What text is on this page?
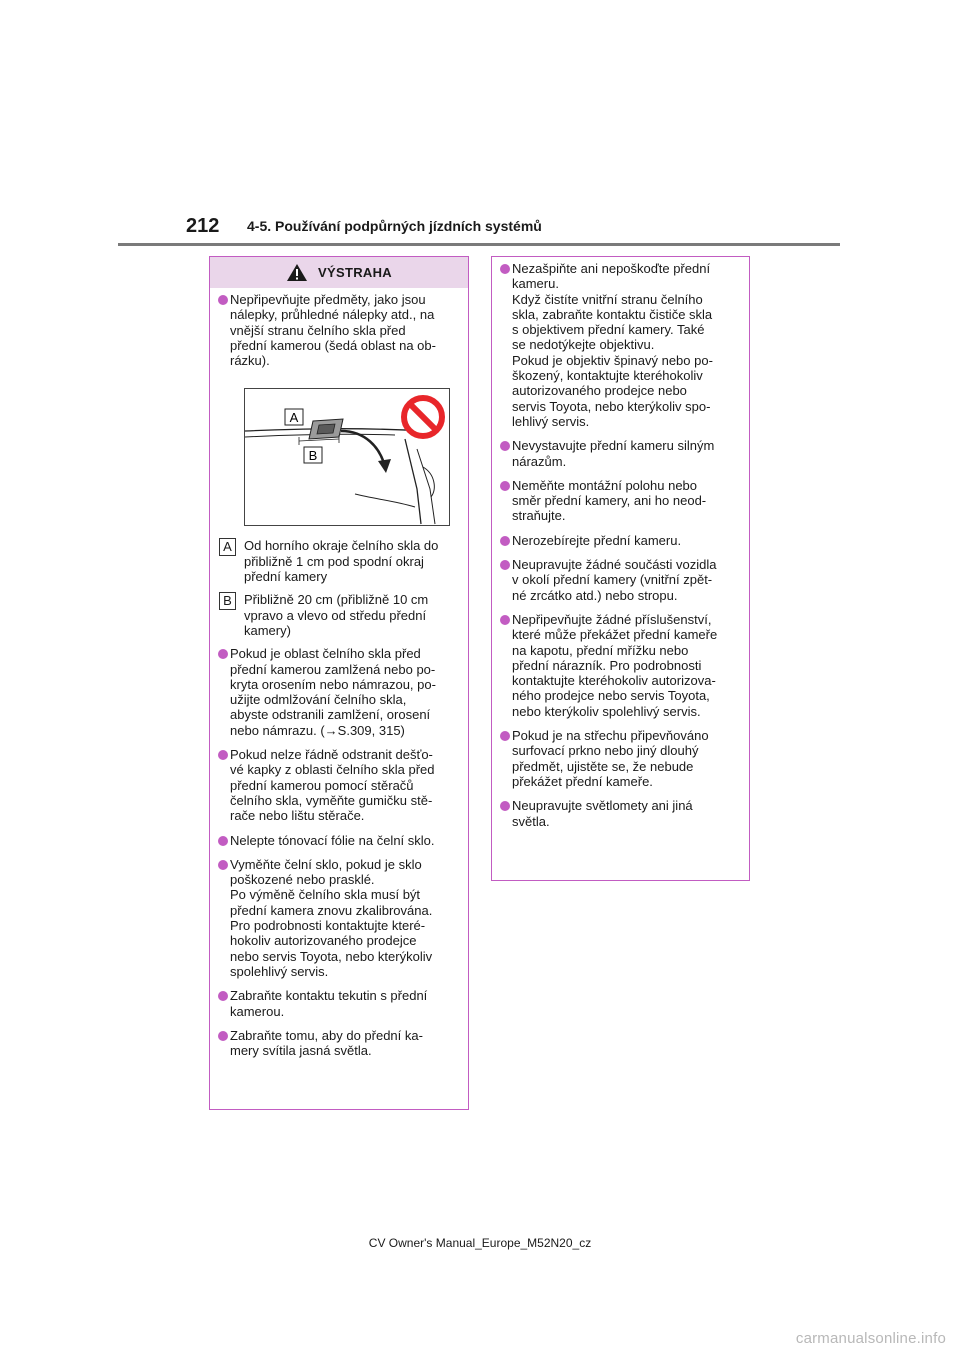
212 4-5. Používání podpůrných jízdních systémů
VÝSTRAHA
Nepřipevňujte předměty, jako jsou
nálepky, průhledné nálepky atd., na
vnější stranu čelního skla před
přední kamerou (šedá oblast na ob-
rázku).
A
B
A Od horního okraje čelního skla do
přibližně 1 cm pod spodní okraj
přední kamery
B Přibližně 20 cm (přibližně 10 cm
vpravo a vlevo od středu přední
kamery)
Pokud je oblast čelního skla před
přední kamerou zamlžená nebo po-
kryta orosením nebo námrazou, po-
užijte odmlžování čelního skla,
abyste odstranili zamlžení, orosení
nebo námrazu. (→S.309, 315)
Pokud nelze řádně odstranit dešťo-
vé kapky z oblasti čelního skla před
přední kamerou pomocí stěračů
čelního skla, vyměňte gumičku stě-
rače nebo lištu stěrače.
Nelepte tónovací fólie na čelní sklo.
Vyměňte čelní sklo, pokud je sklo
poškozené nebo prasklé.
Po výměně čelního skla musí být
přední kamera znovu zkalibrována.
Pro podrobnosti kontaktujte které-
hokoliv autorizovaného prodejce
nebo servis Toyota, nebo kterýkoliv
spolehlivý servis.
Zabraňte kontaktu tekutin s přední
kamerou.
Zabraňte tomu, aby do přední ka-
mery svítila jasná světla.
Nezašpiňte ani nepoškoďte přední
kameru.
Když čistíte vnitřní stranu čelního
skla, zabraňte kontaktu čističe skla
s objektivem přední kamery. Také
se nedotýkejte objektivu.
Pokud je objektiv špinavý nebo po-
škozený, kontaktujte kteréhokoliv
autorizovaného prodejce nebo
servis Toyota, nebo kterýkoliv spo-
lehlivý servis.
Nevystavujte přední kameru silným
nárazům.
Neměňte montážní polohu nebo
směr přední kamery, ani ho neod-
straňujte.
Nerozebírejte přední kameru.
Neupravujte žádné součásti vozidla
v okolí přední kamery (vnitřní zpět-
né zrcátko atd.) nebo stropu.
Nepřipevňujte žádné příslušenství,
které může překážet přední kameře
na kapotu, přední mřížku nebo
přední nárazník. Pro podrobnosti
kontaktujte kteréhokoliv autorizova-
ného prodejce nebo servis Toyota,
nebo kterýkoliv spolehlivý servis.
Pokud je na střechu připevňováno
surfovací prkno nebo jiný dlouhý
předmět, ujistěte se, že nebude
překážet přední kameře.
Neupravujte světlomety ani jiná
světla.
CV Owner's Manual_Europe_M52N20_cz
carmanualsonline.info
